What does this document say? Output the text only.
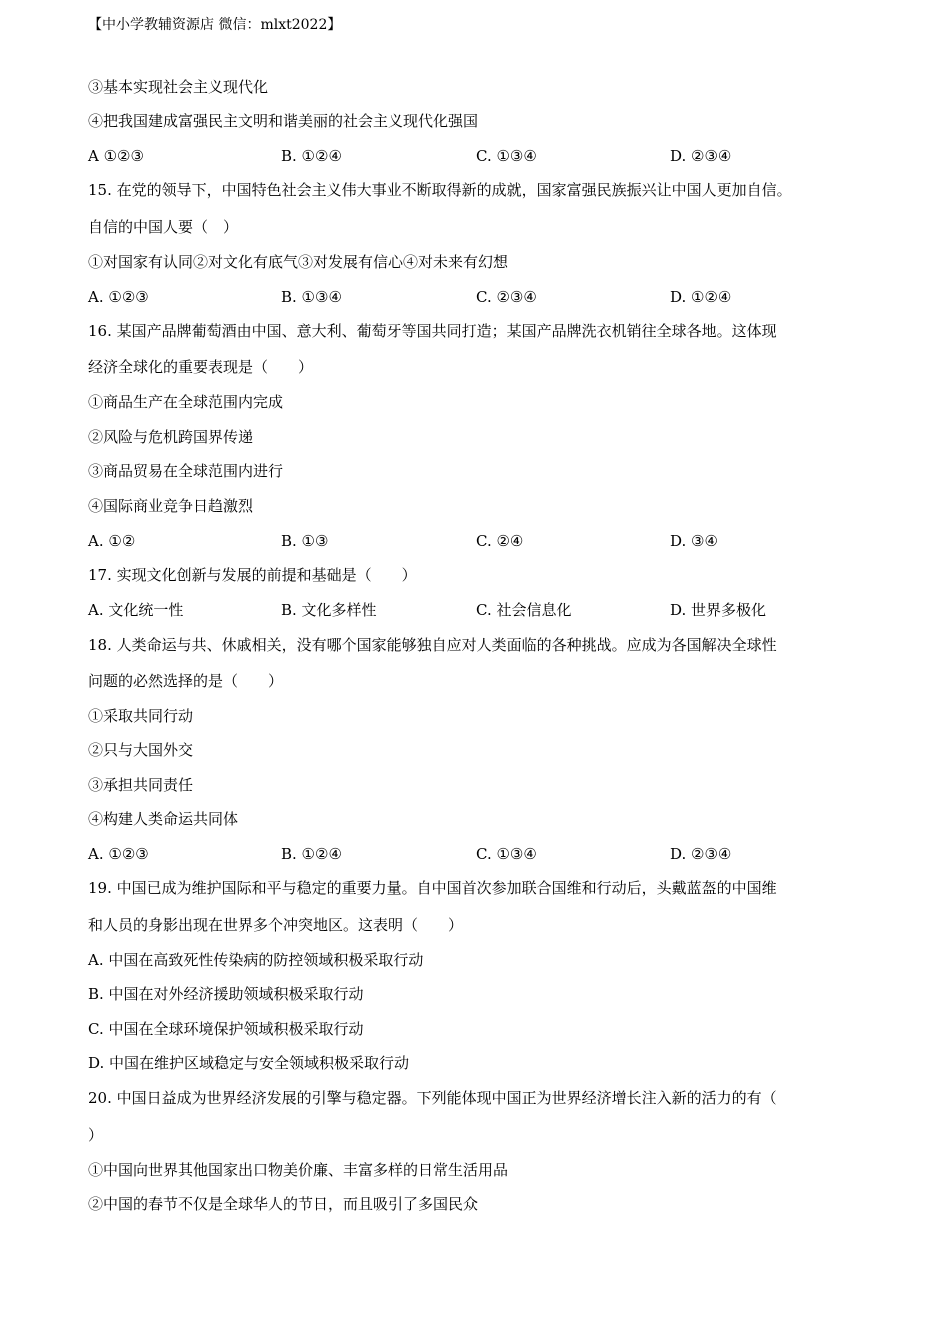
【中小学教辅资源店 微信：mlxt2022】
③基本实现社会主义现代化
④把我国建成富强民主文明和谐美丽的社会主义现代化强国
A ①②③	B. ①②④	C. ①③④	D. ②③④
15. 在党的领导下，中国特色社会主义伟大事业不断取得新的成就，国家富强民族振兴让中国人更加自信。
自信的中国人要（　）
①对国家有认同②对文化有底气③对发展有信心④对未来有幻想
A. ①②③	B. ①③④	C. ②③④	D. ①②④
16. 某国产品牌葡萄酒由中国、意大利、葡萄牙等国共同打造；某国产品牌洗衣机销往全球各地。这体现
经济全球化的重要表现是（　　）
①商品生产在全球范围内完成
②风险与危机跨国界传递
③商品贸易在全球范围内进行
④国际商业竞争日趋激烈
A. ①②	B. ①③	C. ②④	D. ③④
17. 实现文化创新与发展的前提和基础是（　　）
A. 文化统一性	B. 文化多样性	C. 社会信息化	D. 世界多极化
18. 人类命运与共、休戚相关，没有哪个国家能够独自应对人类面临的各种挑战。应成为各国解决全球性
问题的必然选择的是（　　）
①采取共同行动
②只与大国外交
③承担共同责任
④构建人类命运共同体
A. ①②③	B. ①②④	C. ①③④	D. ②③④
19. 中国已成为维护国际和平与稳定的重要力量。自中国首次参加联合国维和行动后，头戴蓝盔的中国维
和人员的身影出现在世界多个冲突地区。这表明（　　）
A. 中国在高致死性传染病的防控领域积极采取行动
B. 中国在对外经济援助领域积极采取行动
C. 中国在全球环境保护领域积极采取行动
D. 中国在维护区域稳定与安全领域积极采取行动
20. 中国日益成为世界经济发展的引擎与稳定器。下列能体现中国正为世界经济增长注入新的活力的有（
）
①中国向世界其他国家出口物美价廉、丰富多样的日常生活用品
②中国的春节不仅是全球华人的节日，而且吸引了多国民众
